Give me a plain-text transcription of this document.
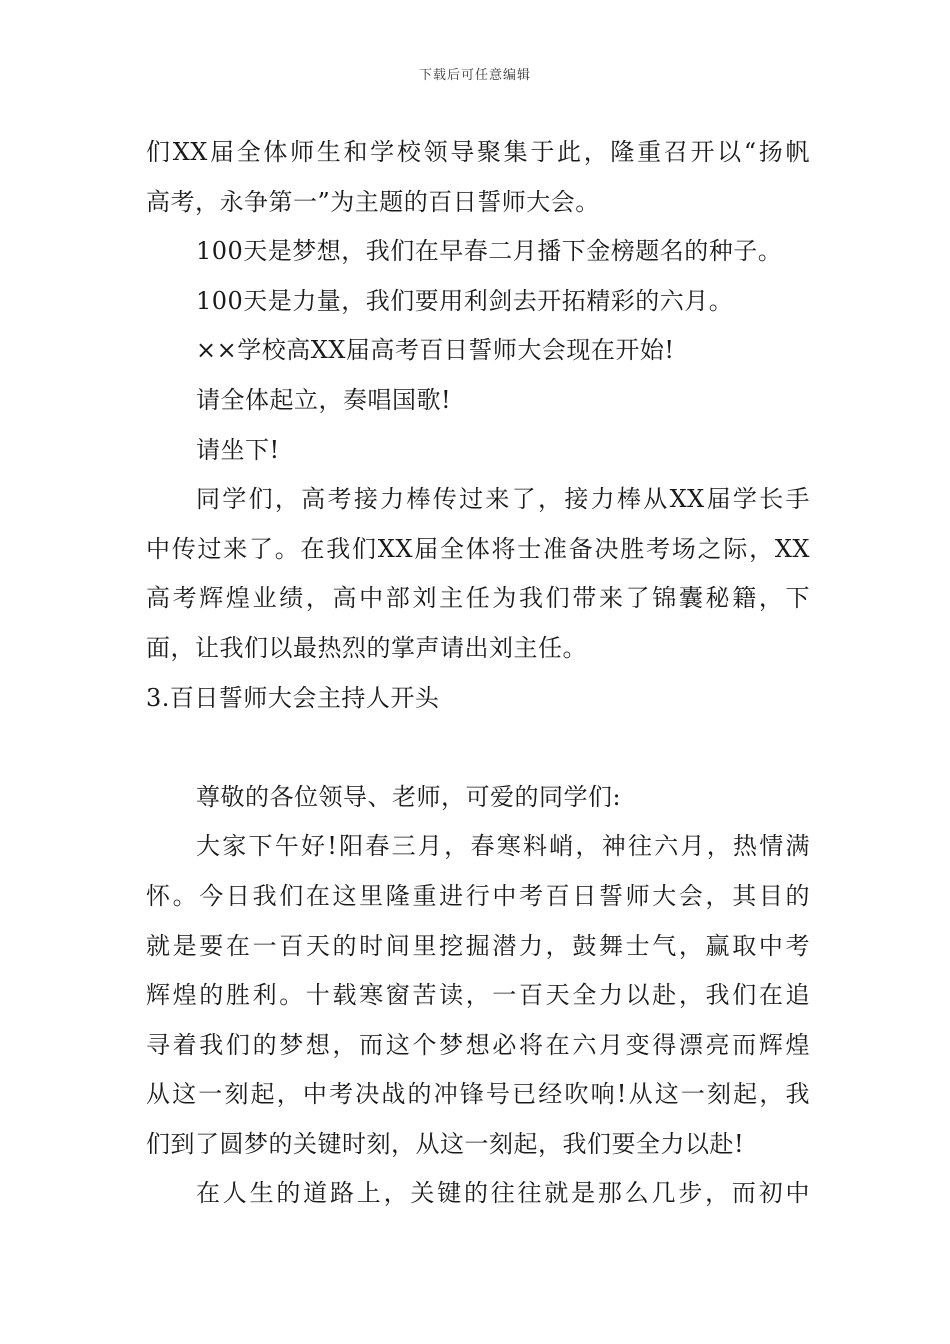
下载后可任意编辑
们XX届全体师生和学校领导聚集于此，隆重召开以“扬帆
高考，永争第一”为主题的百日誓师大会。
100天是梦想，我们在早春二月播下金榜题名的种子。
100天是力量，我们要用利剑去开拓精彩的六月。
××学校高XX届高考百日誓师大会现在开始!
请全体起立，奏唱国歌!
请坐下!
同学们，高考接力棒传过来了，接力棒从XX届学长手
中传过来了。在我们XX届全体将士准备决胜考场之际，XX
高考辉煌业绩，高中部刘主任为我们带来了锦囊秘籍，下
面，让我们以最热烈的掌声请出刘主任。
3.百日誓师大会主持人开头
尊敬的各位领导、老师，可爱的同学们:
大家下午好!阳春三月，春寒料峭，神往六月，热情满
怀。今日我们在这里隆重进行中考百日誓师大会，其目的
就是要在一百天的时间里挖掘潜力，鼓舞士气，赢取中考
辉煌的胜利。十载寒窗苦读，一百天全力以赴，我们在追
寻着我们的梦想，而这个梦想必将在六月变得漂亮而辉煌
从这一刻起，中考决战的冲锋号已经吹响!从这一刻起，我
们到了圆梦的关键时刻，从这一刻起，我们要全力以赴!
在人生的道路上，关键的往往就是那么几步，而初中
